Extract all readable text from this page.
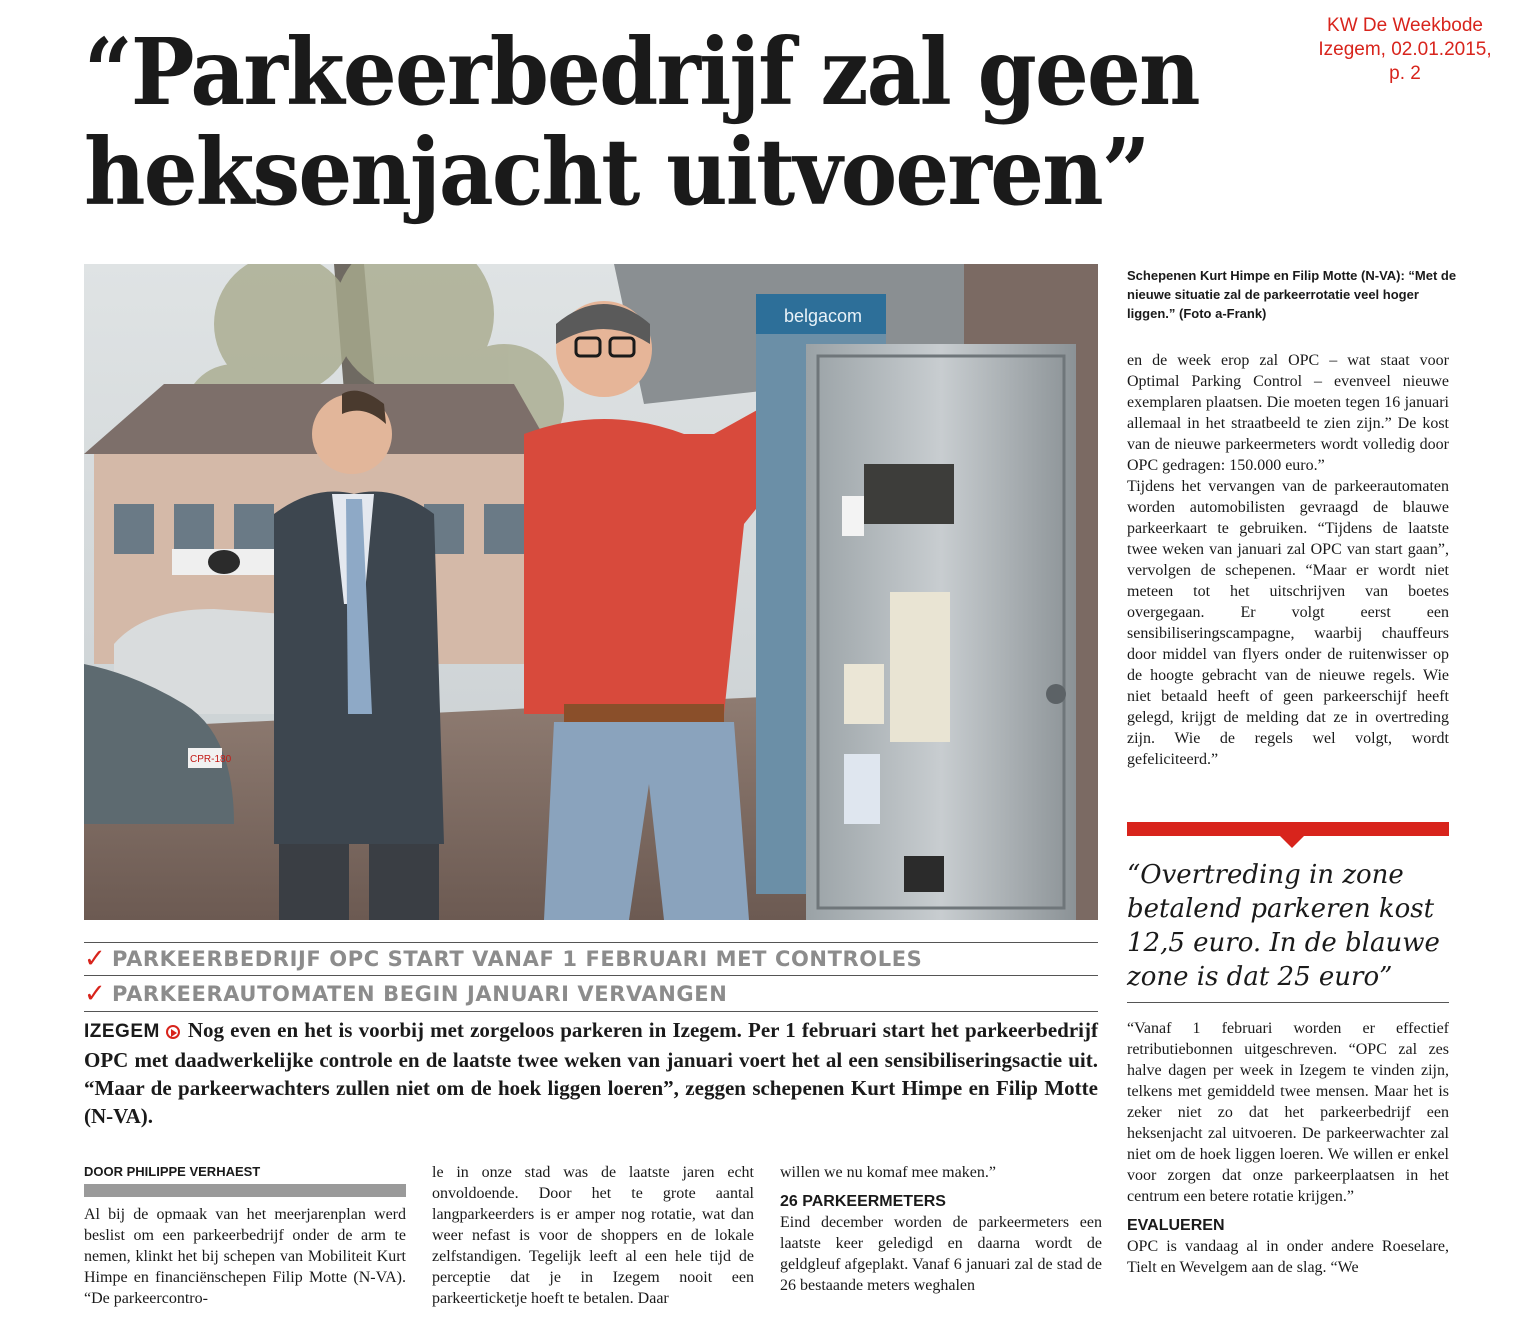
KW De Weekbode
Izegem, 02.01.2015,
p. 2
“Parkeerbedrijf zal geen
heksenjacht uitvoeren”
CPR-180
belgacom
Schepenen Kurt Himpe en Filip Motte (N-VA): “Met de nieuwe situatie zal de parkeerrotatie veel hoger liggen.” (Foto a-Frank)

en de week erop zal OPC – wat staat voor Optimal Parking Control – evenveel nieuwe exemplaren plaatsen. Die moeten tegen 16 januari allemaal in het straatbeeld te zien zijn.” De kost van de nieuwe parkeermeters wordt volledig door OPC gedragen: 150.000 euro.”

Tijdens het vervangen van de parkeerautomaten worden automobilisten gevraagd de blauwe parkeerkaart te gebruiken. “Tijdens de laatste twee weken van januari zal OPC van start gaan”, vervolgen de schepenen. “Maar er wordt niet meteen tot het uitschrijven van boetes overgegaan. Er volgt eerst een sensibiliseringscampagne, waarbij chauffeurs door middel van flyers onder de ruitenwisser op de hoogte gebracht van de nieuwe regels. Wie niet betaald heeft of geen parkeerschijf heeft gelegd, krijgt de melding dat ze in overtreding zijn. Wie de regels wel volgt, wordt gefeliciteerd.”

“Overtreding in zone betalend parkeren kost 12,5 euro. In de blauwe zone is dat 25 euro”

“Vanaf 1 februari worden er effectief retributiebonnen uitgeschreven. “OPC zal zes halve dagen per week in Izegem te vinden zijn, telkens met gemiddeld twee mensen. Maar het is zeker niet zo dat het parkeerbedrijf een heksenjacht zal uitvoeren. De parkeerwachter zal niet om de hoek liggen loeren. We willen er enkel voor zorgen dat onze parkeerplaatsen in het centrum een betere rotatie krijgen.”

EVALUEREN

OPC is vandaag al in onder andere Roeselare, Tielt en Wevelgem aan de slag. “We

✓ PARKEERBEDRIJF OPC START VANAF 1 FEBRUARI MET CONTROLES
✓ PARKEERAUTOMATEN BEGIN JANUARI VERVANGEN
IZEGEM Nog even en het is voorbij met zorgeloos parkeren in Izegem. Per 1 februari start het parkeerbedrijf OPC met daadwerkelijke controle en de laatste twee weken van januari voert het al een sensibiliseringsactie uit. “Maar de parkeerwachters zullen niet om de hoek liggen loeren”, zeggen schepenen Kurt Himpe en Filip Motte (N-VA).
DOOR PHILIPPE VERHAEST

Al bij de opmaak van het meerjarenplan werd beslist om een parkeerbedrijf onder de arm te nemen, klinkt het bij schepen van Mobiliteit Kurt Himpe en financiënschepen Filip Motte (N-VA). “De parkeercontro-

le in onze stad was de laatste jaren echt onvoldoende. Door het te grote aantal langparkeerders is er amper nog rotatie, wat dan weer nefast is voor de shoppers en de lokale zelfstandigen. Tegelijk leeft al een hele tijd de perceptie dat je in Izegem nooit een parkeerticketje hoeft te betalen. Daar

willen we nu komaf mee maken.”

26 PARKEERMETERS

Eind december worden de parkeermeters een laatste keer geledigd en daarna wordt de geldgleuf afgeplakt. Vanaf 6 januari zal de stad de 26 bestaande meters weghalen
